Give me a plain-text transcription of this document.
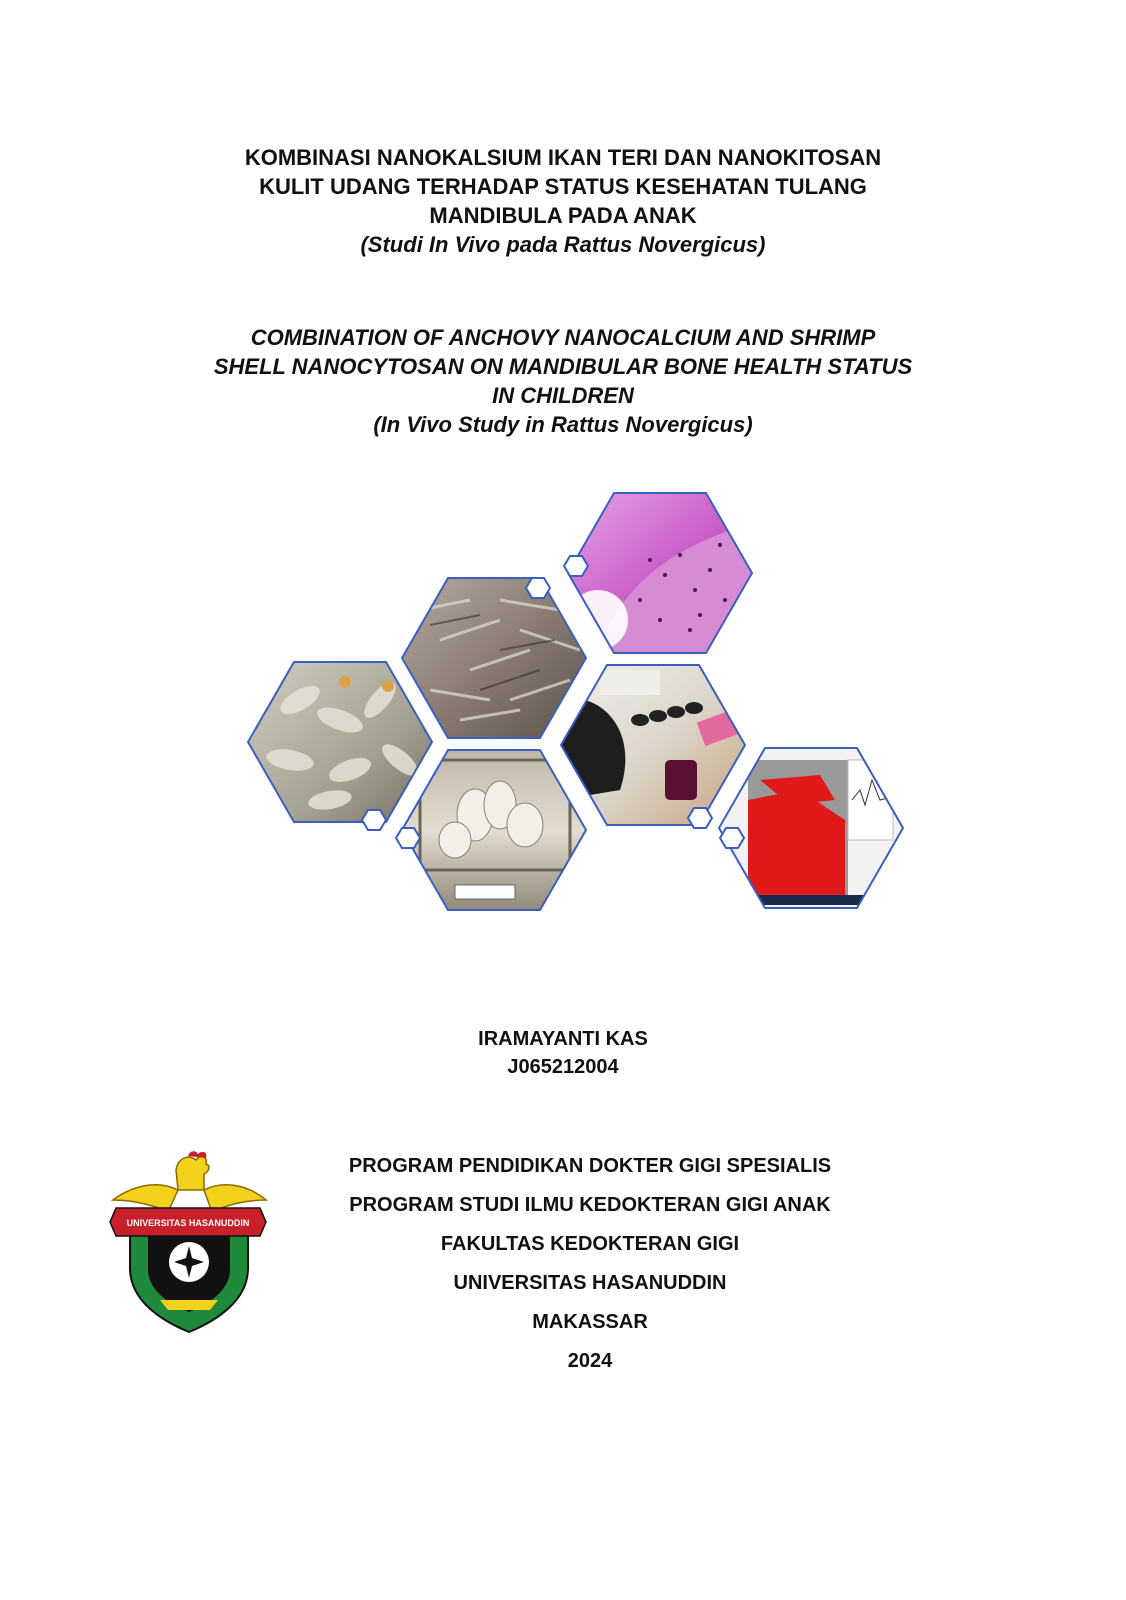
KOMBINASI NANOKALSIUM IKAN TERI DAN NANOKITOSAN
KULIT UDANG TERHADAP STATUS KESEHATAN TULANG
MANDIBULA PADA ANAK
(Studi In Vivo pada Rattus Novergicus)
COMBINATION OF ANCHOVY NANOCALCIUM AND SHRIMP
SHELL NANOCYTOSAN ON MANDIBULAR BONE HEALTH STATUS
IN CHILDREN
(In Vivo Study in Rattus Novergicus)
IRAMAYANTI KAS
J065212004
UNIVERSITAS HASANUDDIN
PROGRAM PENDIDIKAN DOKTER GIGI SPESIALIS
PROGRAM STUDI ILMU KEDOKTERAN GIGI ANAK
FAKULTAS KEDOKTERAN GIGI
UNIVERSITAS HASANUDDIN
MAKASSAR
2024
